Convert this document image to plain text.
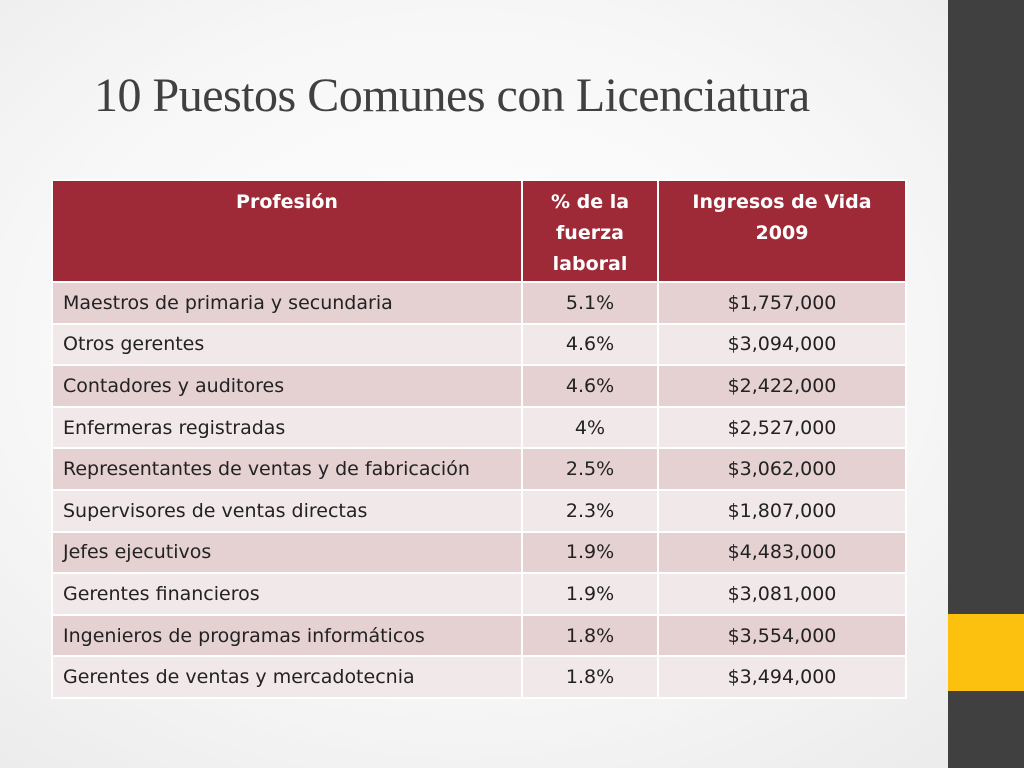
10 Puestos Comunes con Licenciatura
Profesión	% de la fuerza laboral	Ingresos de Vida 2009
Maestros de primaria y secundaria	5.1%	$1,757,000
Otros gerentes	4.6%	$3,094,000
Contadores y auditores	4.6%	$2,422,000
Enfermeras registradas	4%	$2,527,000
Representantes de ventas y de fabricación	2.5%	$3,062,000
Supervisores de ventas directas	2.3%	$1,807,000
Jefes ejecutivos	1.9%	$4,483,000
Gerentes financieros	1.9%	$3,081,000
Ingenieros de programas informáticos	1.8%	$3,554,000
Gerentes de ventas y mercadotecnia	1.8%	$3,494,000
